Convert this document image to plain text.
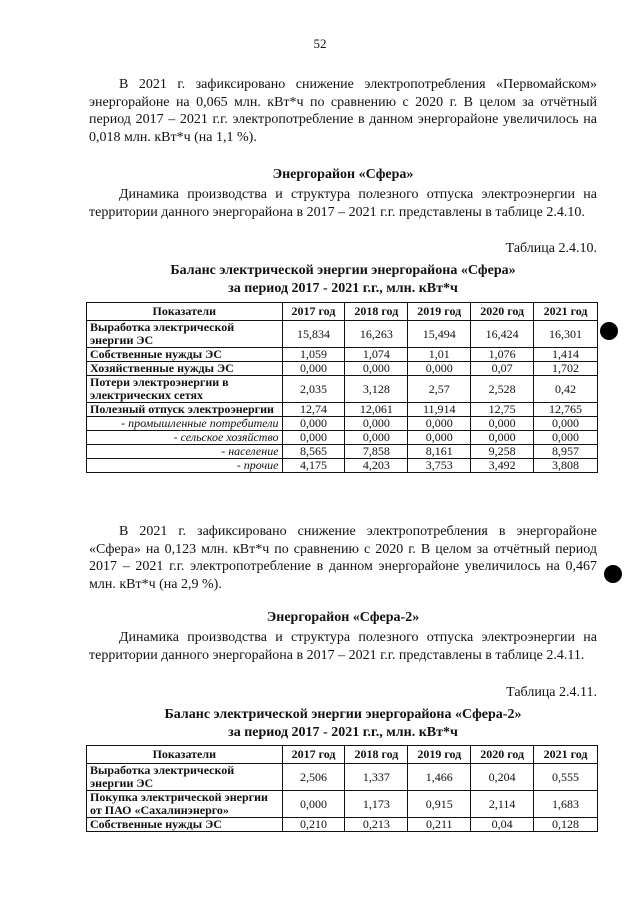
52

В 2021 г. зафиксировано снижение электропотребления «Первомайском» энергорайоне на 0,065 млн. кВт*ч по сравнению с 2020 г. В целом за отчётный период 2017 – 2021 г.г. электропотребление в данном энергорайоне увеличилось на 0,018 млн. кВт*ч (на 1,1 %).

Энергорайон «Сфера»

Динамика производства и структура полезного отпуска электроэнергии на территории данного энергорайона в 2017 – 2021 г.г. представлены в таблице 2.4.10.

Таблица 2.4.10.
Баланс электрической энергии энергорайона «Сфера»
за период 2017 - 2021 г.г., млн. кВт*ч
Показатели	2017 год	2018 год	2019 год	2020 год	2021 год
Выработка электрической энергии ЭС	15,834	16,263	15,494	16,424	16,301
Собственные нужды ЭС	1,059	1,074	1,01	1,076	1,414
Хозяйственные нужды ЭС	0,000	0,000	0,000	0,07	1,702
Потери электроэнергии в электрических сетях	2,035	3,128	2,57	2,528	0,42
Полезный отпуск электроэнергии	12,74	12,061	11,914	12,75	12,765
- промышленные потребители	0,000	0,000	0,000	0,000	0,000
- сельское хозяйство	0,000	0,000	0,000	0,000	0,000
- население	8,565	7,858	8,161	9,258	8,957
- прочие	4,175	4,203	3,753	3,492	3,808

В 2021 г. зафиксировано снижение электропотребления в энергорайоне «Сфера» на 0,123 млн. кВт*ч по сравнению с 2020 г. В целом за отчётный период 2017 – 2021 г.г. электропотребление в данном энергорайоне увеличилось на 0,467 млн. кВт*ч (на 2,9 %).

Энергорайон «Сфера-2»

Динамика производства и структура полезного отпуска электроэнергии на территории данного энергорайона в 2017 – 2021 г.г. представлены в таблице 2.4.11.

Таблица 2.4.11.
Баланс электрической энергии энергорайона «Сфера-2»
за период 2017 - 2021 г.г., млн. кВт*ч
Показатели	2017 год	2018 год	2019 год	2020 год	2021 год
Выработка электрической энергии ЭС	2,506	1,337	1,466	0,204	0,555
Покупка электрической энергии от ПАО «Сахалинэнерго»	0,000	1,173	0,915	2,114	1,683
Собственные нужды ЭС	0,210	0,213	0,211	0,04	0,128
